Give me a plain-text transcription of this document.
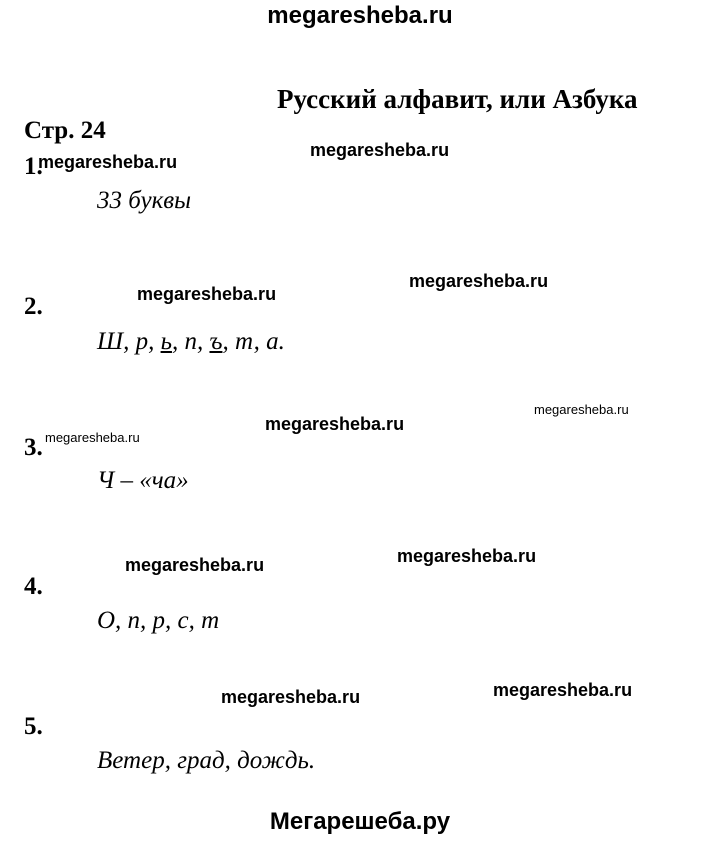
megaresheba.ru
Русский алфавит, или Азбука
Стр. 24
megaresheba.ru
megaresheba.ru
megaresheba.ru
megaresheba.ru
megaresheba.ru
megaresheba.ru
megaresheba.ru
megaresheba.ru
megaresheba.ru
megaresheba.ru
megaresheba.ru
1.
33 буквы
2.
Ш, р, ь, п, ъ, т, а.
3.
Ч – «ча»
4.
О, п, р, с, т
5.
Ветер, град, дождь.
Мегарешеба.ру
